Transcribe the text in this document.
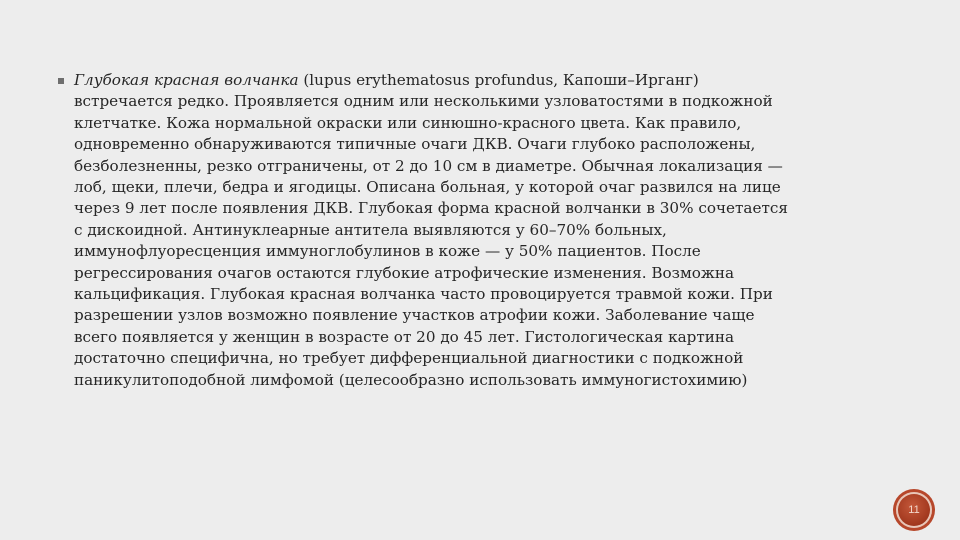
Глубокая красная волчанка (lupus erythematosus profundus, Капоши–Ирганг)
встречается редко. Проявляется одним или несколькими узловатостями в подкожной
клетчатке. Кожа нормальной окраски или синюшно-красного цвета. Как правило,
одновременно обнаруживаются типичные очаги ДКВ. Очаги глубоко расположены,
безболезненны, резко отграничены, от 2 до 10 см в диаметре. Обычная локализация —
лоб, щеки, плечи, бедра и ягодицы. Описана больная, у которой очаг развился на лице
через 9 лет после появления ДКВ. Глубокая форма красной волчанки в 30% сочетается
с дискоидной. Антинуклеарные антитела выявляются у 60–70% больных,
иммунофлуоресценция иммуноглобулинов в коже — у 50% пациентов. После
регрессирования очагов остаются глубокие атрофические изменения. Возможна
кальцификация. Глубокая красная волчанка часто провоцируется травмой кожи. При
разрешении узлов возможно появление участков атрофии кожи. Заболевание чаще
всего появляется у женщин в возрасте от 20 до 45 лет. Гистологическая картина
достаточно специфична, но требует дифференциальной диагностики с подкожной
паникулитоподобной лимфомой (целесообразно использовать иммуногистохимию)

11
